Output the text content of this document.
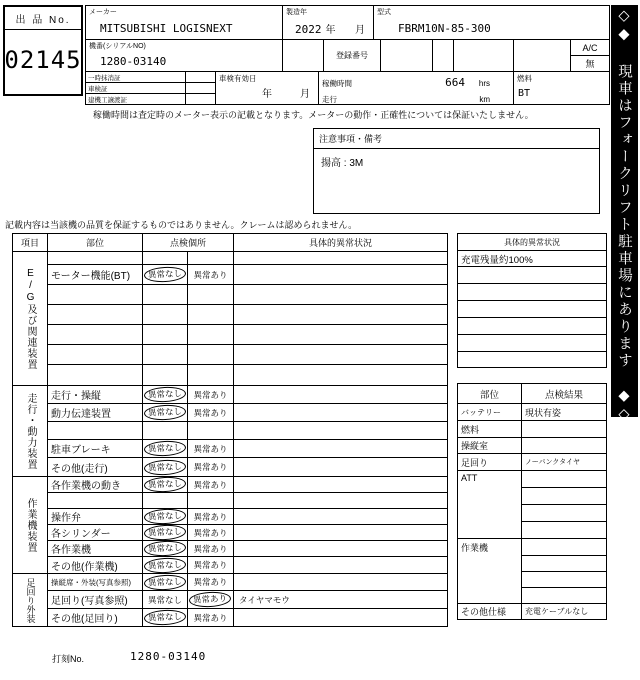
出 品 No.
02145
メーカー
MITSUBISHI LOGISNEXT
製造年
2022 年 月
型式
FBRM10N-85-300
機番(シリアルNO)
1280-03140	登録番号
A/C
無
一時抹消証
車検証
建機工譲渡証
車検有効日
年	月
稼働時間	664 hrs
走行	km
燃料
BT
稼働時間は査定時のメーター表示の記載となります。メーターの動作・正確性については保証いたしません。
注意事項・備考
揚高 : 3M
記載内容は当該機の品質を保証するものではありません。クレームは認められません。
項目	部位	点検個所	具体的異常状況
E/G及び関連装置	モーター機能(BT)	異常なし	異常あり
走行・動力装置	走行・操縦	異常なし	異常あり
動力伝達装置	異常なし	異常あり
駐車ブレーキ	異常なし	異常あり
その他(走行)	異常なし	異常あり
作業機装置
各作業機の動き	異常なし	異常あり
操作弁	異常なし	異常あり
各シリンダー	異常なし	異常あり
各作業機	異常なし	異常あり
その他(作業機)	異常なし	異常あり
足回り外装	操縦席・外装(写真参照)	異常なし	異常あり
足回り(写真参照)	異常なし	異常あり	タイヤマモウ
その他(足回り)	異常なし	異常あり
具体的異常状況
充電残量約100%
部位	点検結果
バッテリー	現状有姿
燃料
操縦室
足回り	ノーパンクタイヤ
ATT
作業機
その他仕様	充電ケーブルなし
◇◆ 現車はフォークリフト駐車場にあります ◆◇
打刻No.	1280-03140
